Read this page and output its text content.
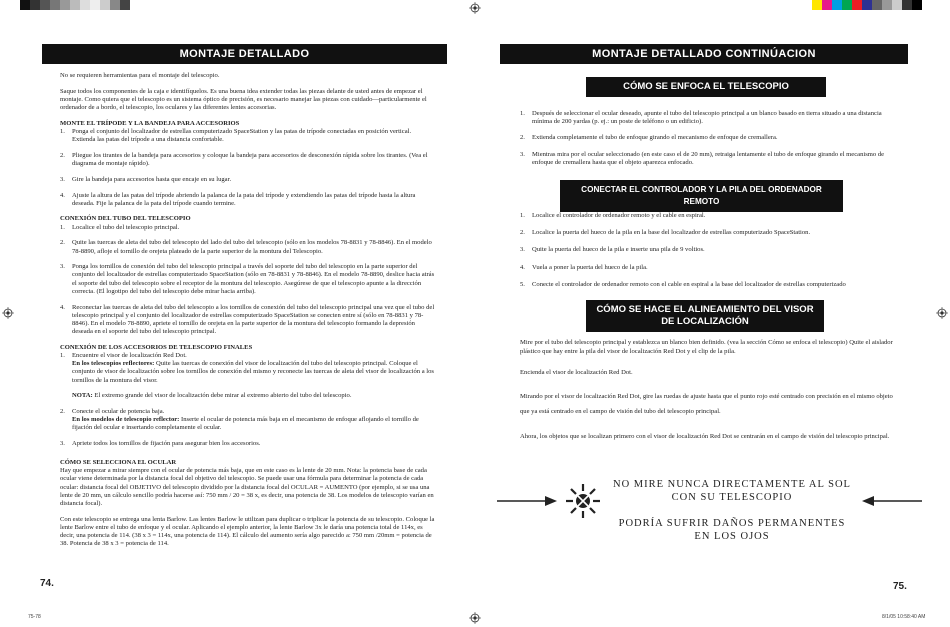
MONTAJE DETALLADO

No se requieren herramientas para el montaje del telescopio.

Saque todos los componentes de la caja e identifíquelos. Es una buena idea extender todas las piezas delante de usted antes de empezar el montaje. Como quiera que el telescopio es un sistema óptico de precisión, es necesario manejar las piezas con cuidado—particularmente el ordenador de a bordo, el telescopio, los oculares y las diferentes lentes accesorias.

MONTE EL TRÍPODE Y LA BANDEJA PARA ACCESORIOS
1.	Ponga el conjunto del localizador de estrellas computerizado SpaceStation y las patas de trípode conectadas en posición vertical. Extienda las patas del trípode a una distancia confortable.
2.	Pliegue los tirantes de la bandeja para accesorios y coloque la bandeja para accesorios de desconexión rápida sobre los tirantes. (Vea el diagrama de montaje rápido).
3.	Gire la bandeja para accesorios hasta que encaje en su lugar.
4.	Ajuste la altura de las patas del trípode abriendo la palanca de la pata del trípode y extendiendo las patas del trípode hasta la altura deseada. Fije la palanca de la pata del trípode cuando termine.
CONEXIÓN DEL TUBO DEL TELESCOPIO
1.	Localice el tubo del telescopio principal.
2.	Quite las tuercas de aleta del tubo del telescopio del lado del tubo del telescopio (sólo en los modelos 78-8831 y 78-8846). En el modelo 78-8890, afloje el tornillo de orejeta plateado de la parte superior de la montura del Telescopio.
3.	Ponga los tornillos de conexión del tubo del telescopio principal a través del soporte del tubo del telescopio en la parte superior del conjunto del localizador de estrellas computerizado SpaceStation (sólo en 78-8831 y 78-8846). En el modelo 78-8890, deslice hacia atrás el soporte del tubo del telescopio sobre el receptor de la montura del telescopio. Asegúrese de que el telescopio apunte a la dirección correcta. (El logotipo del tubo del telescopio debe mirar hacia arriba).
4.	Reconectar las tuercas de aleta del tubo del telescopio a los tornillos de conexión del tubo del telescopio principal una vez que el tubo del telescopio principal y el conjunto del localizador de estrellas computerizado SpaceStation se conecten entre sí (sólo en 78-8831 y 78-8846). En el modelo 78-8890, apriete el tornillo de orejeta en la parte superior de la montura del telescopio formando la depresión deseada en el soporte del tubo del telescopio principal.
CONEXIÓN DE LOS ACCESORIOS DE TELESCOPIO FINALES
1.	Encuentre el visor de localización Red Dot.
En los telescopios reflectores: Quite las tuercas de conexión del visor de localización del tubo del telescopio principal. Coloque el conjunto de visor de localización sobre los tornillos de conexión del mismo y reconecte las tuercas de aleta del visor de localización a los tornillos de la montura del visor.
NOTA: El extremo grande del visor de localización debe mirar al extremo abierto del tubo del telescopio.
2.	Conecte el ocular de potencia baja.
En los modelos de telescopio reflector: Inserte el ocular de potencia más baja en el mecanismo de enfoque aflojando el tornillo de fijación del ocular e insertando completamente el ocular.
3.	Apriete todos los tornillos de fijación para asegurar bien los accesorios.
CÓMO SE SELECCIONA EL OCULAR

Hay que empezar a mirar siempre con el ocular de potencia más baja, que en este caso es la lente de 20 mm. Nota: la potencia base de cada ocular viene determinada por la distancia focal del objetivo del telescopio. Se puede usar una fórmula para determinar la potencia de cada ocular: distancia focal del OBJETIVO del telescopio dividido por la distancia focal del OCULAR = AUMENTO (por ejemplo, si se usa una lente de 20 mm, un cálculo sencillo podría hacerse así: 750 mm / 20 = 38 x, es decir, una potencia de 38. Los modelos de telescopio varían en distancia focal).

Con este telescopio se entrega una lenta Barlow. Las lentes Barlow le utilizan para duplicar o triplicar la potencia de su telescopio. Coloque la lente Barlow entre el tubo de enfoque y el ocular. Aplicando el ejemplo anterior, la lente Barlow 3x le daría una potencia total de 114x, es decir, una potencia de 114. (38 x 3 = 114x, una potencia de 114). El cálculo del aumento sería algo parecido a: 750 mm /20mm = potencia de 38. Potencia de 38 x 3 = potencia de 114.

74.
MONTAJE DETALLADO CONTINÚACION
CÓMO SE ENFOCA EL TELESCOPIO
1.	Después de seleccionar el ocular deseado, apunte el tubo del telescopio principal a un blanco basado en tierra situado a una distancia mínima de 200 yardas (p. ej.: un poste de teléfono o un edificio).
2.	Extienda completamente el tubo de enfoque girando el mecanismo de enfoque de cremallera.
3.	Mientras mira por el ocular seleccionado (en este caso el de 20 mm), retraiga lentamente el tubo de enfoque girando el mecanismo de enfoque de cremallera hasta que el objeto aparezca enfocado.
CONECTAR EL CONTROLADOR Y LA PILA DEL ORDENADOR REMOTO
1.	Localice el controlador de ordenador remoto y el cable en espiral.
2.	Localice la puerta del hueco de la pila en la base del localizador de estrellas computerizado SpaceStation.
3.	Quite la puerta del hueco de la pila e inserte una pila de 9 voltios.
4.	Vuela a poner la puerta del hueco de la pila.
5.	Conecte el controlador de ordenador remoto con el cable en espiral a la base del localizador de estrellas computerizado
CÓMO SE HACE EL ALINEAMIENTO DEL VISOR DE LOCALIZACIÓN

Mire por el tubo del telescopio principal y establezca un blanco bien definido. (vea la sección Cómo se enfoca el telescopio) Quite el aislador plástico que hay entre la pila del visor de localización Red Dot y el clip de la pila.

Encienda el visor de localización Red Dot.

Mirando por el visor de localización Red Dot, gire las ruedas de ajuste hasta que el punto rojo esté centrado con precisión en el mismo objeto que ya está centrado en el campo de visión del tubo del telescopio principal.

Ahora, los objetos que se localizan primero con el visor de localización Red Dot se centrarán en el campo de visión del telescopio principal.

NO MIRE NUNCA DIRECTAMENTE AL SOL CON SU TELESCOPIO
PODRÍA SUFRIR DAÑOS PERMANENTES EN LOS OJOS
75.
75-78	8/1/05 10:58:40 AM
